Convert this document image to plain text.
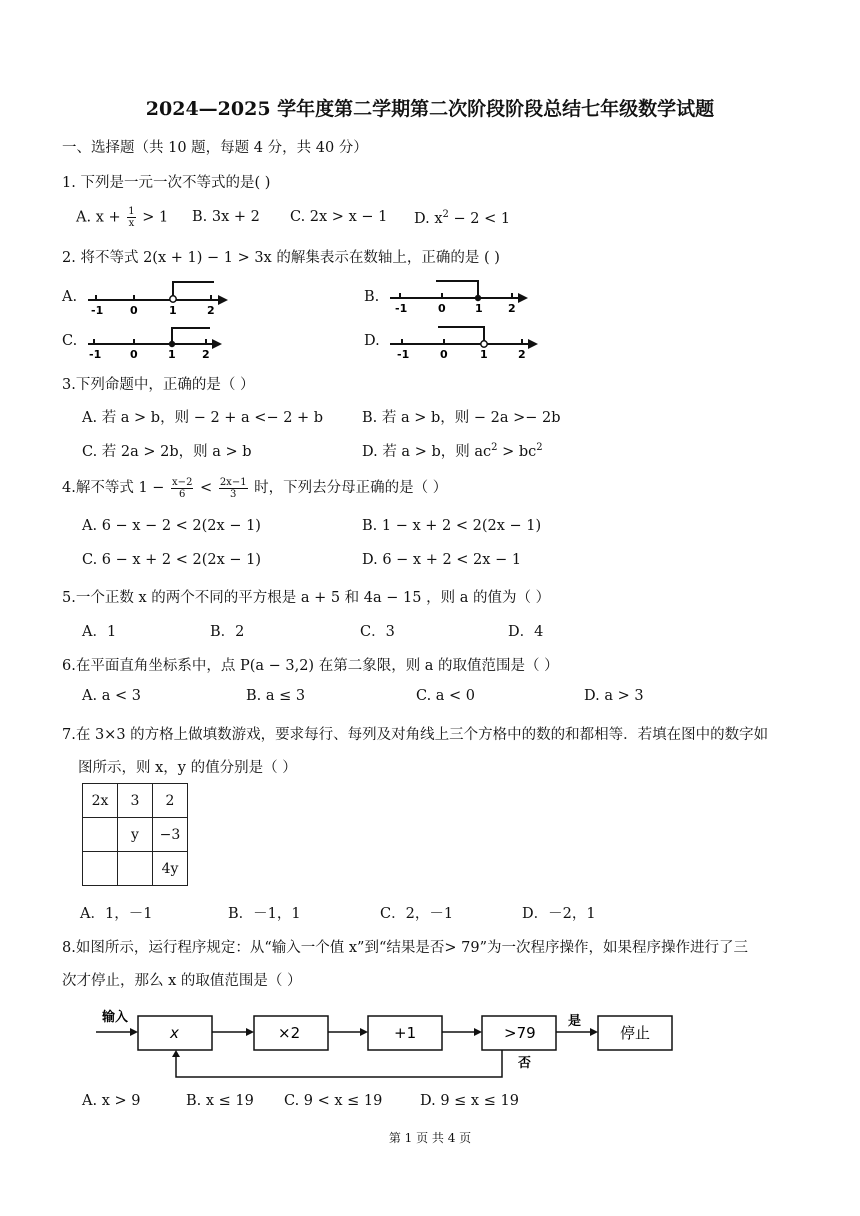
2024—2025 学年度第二学期第二次阶段阶段总结七年级数学试题
一、选择题（共 10 题，每题 4 分，共 40 分）
1. 下列是一元一次不等式的是( )
A. $x + \frac{1}{x} > 1$ B. 3x + 2 C. 2x > x − 1 D. $x^2 - 2 < 1$
2. 将不等式 2(x + 1) − 1 > 3x 的解集表示在数轴上，正确的是 ( )
A.
-1 0	1	2
B.
-1	0	1 2
C.
-1	0	1 2
D.
-1	0	1	2
3.下列命题中，正确的是（ ）
A. 若 a > b，则 − 2 + a <− 2 + b	B. 若 a > b，则 − 2a >− 2b
C. 若 2a > 2b，则 a > b	D. 若 a > b，则 $ac^2 > bc^2$
4.解不等式 $1 - \frac{x-2}{6} < \frac{2x-1}{3}$ 时，下列去分母正确的是（ ）
A. 6 − x − 2 < 2(2x − 1)	B. 1 − x + 2 < 2(2x − 1)
C. 6 − x + 2 < 2(2x − 1)	D. 6 − x + 2 < 2x − 1
5.一个正数 x 的两个不同的平方根是 a + 5 和 4a − 15 ，则 a 的值为（ ）
A．1	B．2	C．3	D．4
6.在平面直角坐标系中，点 P(a − 3,2) 在第二象限，则 a 的取值范围是（ ）
A. a < 3	B. a ≤ 3	C. a < 0	D. a > 3
7.在 3×3 的方格上做填数游戏，要求每行、每列及对角线上三个方格中的数的和都相等．若填在图中的数字如
图所示，则 x，y 的值分别是（ ）
2x	3	2
	y	−3
		4y
A．1，－1	B．－1，1	C．2，－1	D．－2，1
8.如图所示，运行程序规定：从“输入一个值 x”到“结果是否> 79”为一次程序操作，如果程序操作进行了三
次才停止，那么 x 的取值范围是（ ）
输入
x	×2	+1	>79
是
停止
否
A. x > 9	B. x ≤ 19 C. 9 < x ≤ 19	D. 9 ≤ x ≤ 19
第 1 页 共 4 页
